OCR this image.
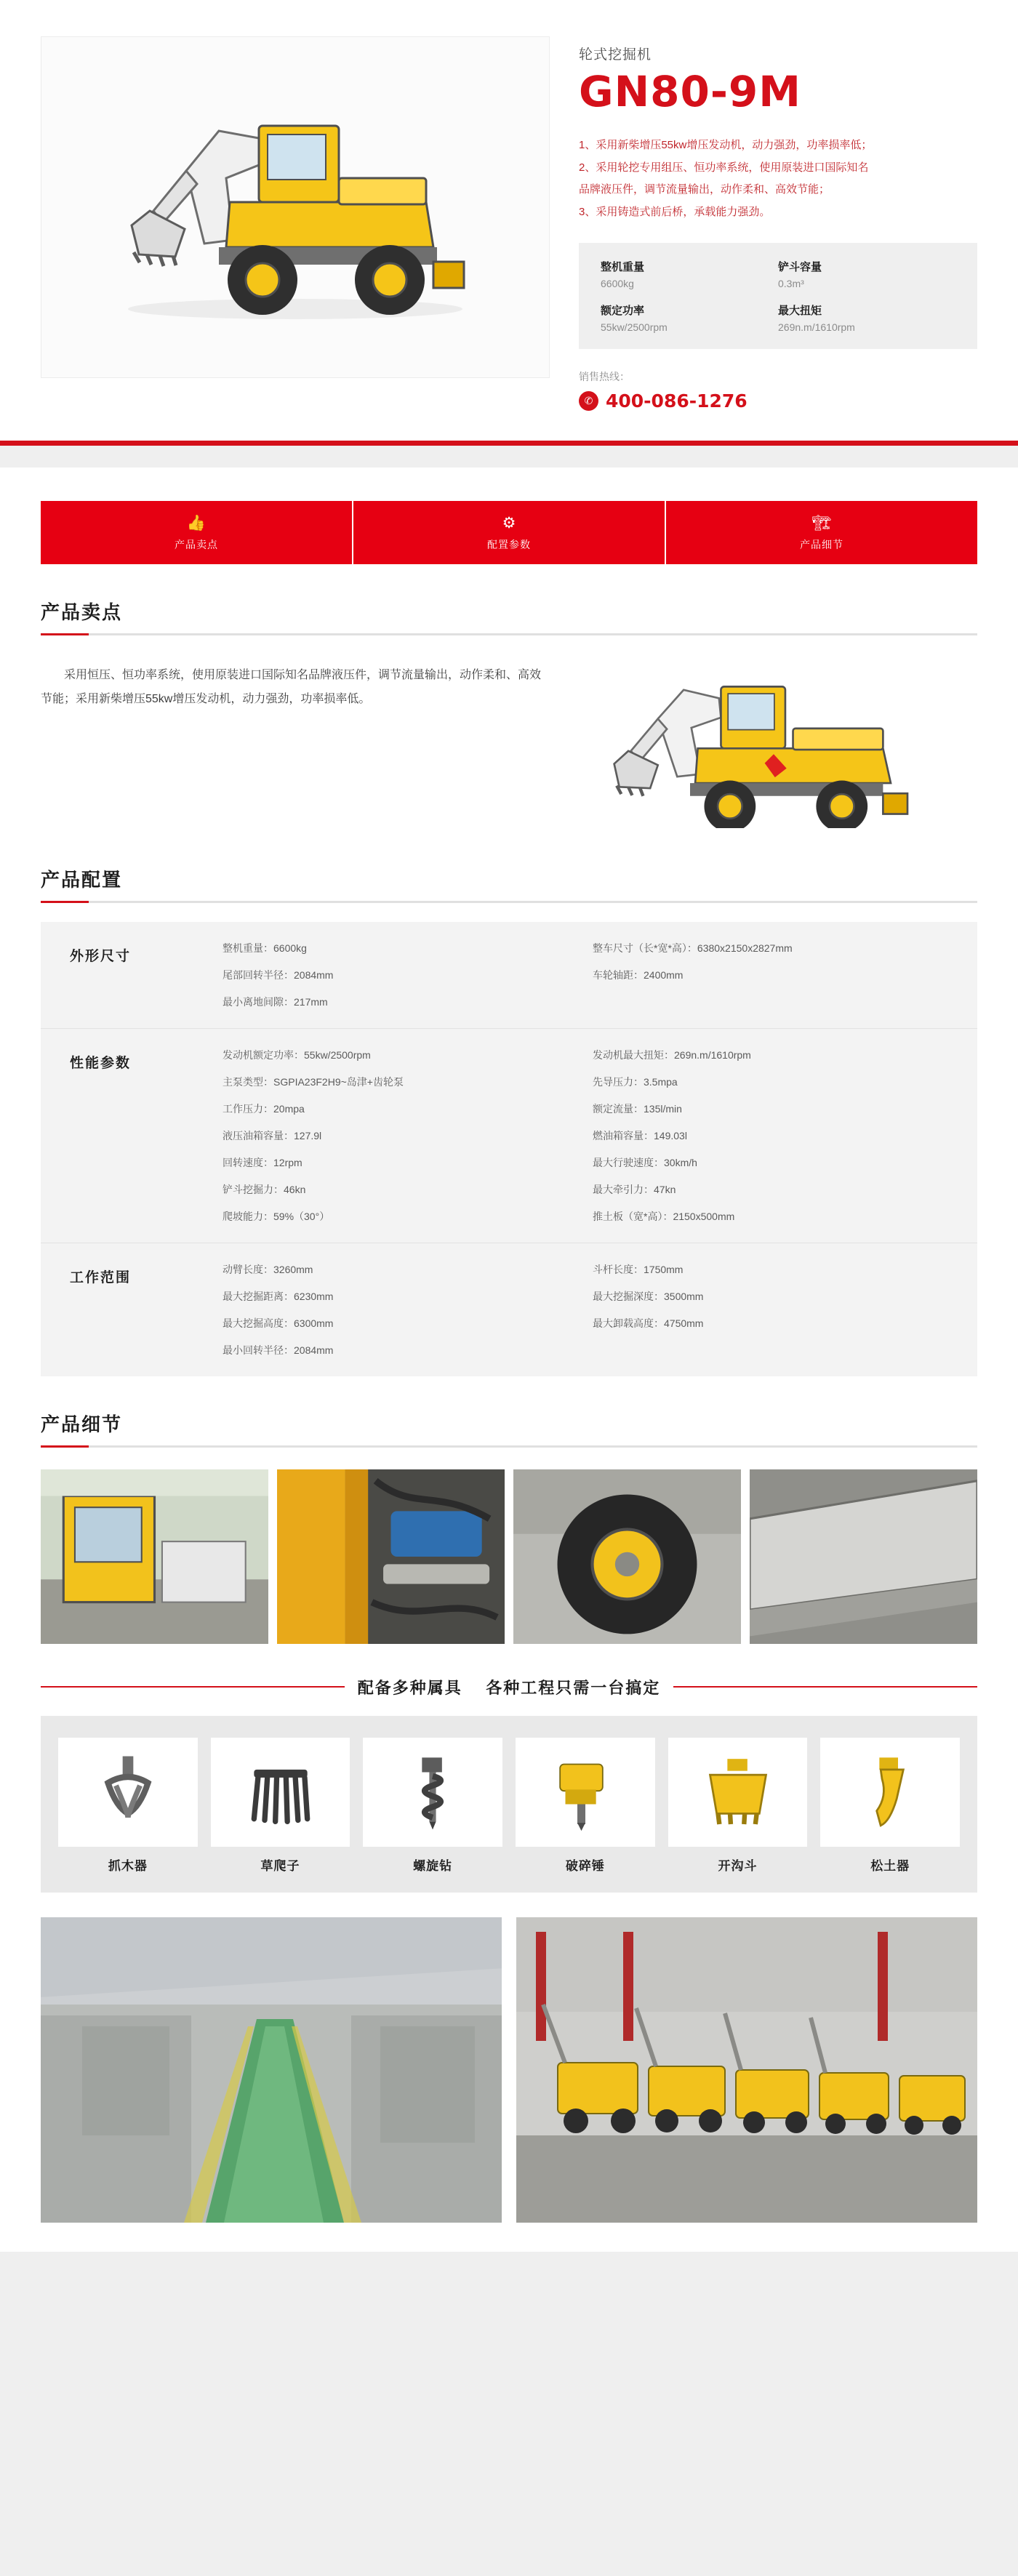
轮式挖掘机
GN80-9M
1、采用新柴增压55kw增压发动机，动力强劲，功率损率低；
2、采用轮挖专用组压、恒功率系统，使用原装进口国际知名
品牌液压件，调节流量输出，动作柔和、高效节能；
3、采用铸造式前后桥，承载能力强劲。
整机重量
6600kg
铲斗容量
0.3m³
额定功率
55kw/2500rpm
最大扭矩
269n.m/1610rpm
销售热线：
✆ 400-086-1276
👍
产品卖点
⚙
配置参数
🏗
产品细节
产品卖点
采用恒压、恒功率系统，使用原装进口国际知名品牌液压件，调节流量输出，动作柔和、高效节能；采用新柴增压55kw增压发动机，动力强劲，功率损率低。
产品配置
外形尺寸
整机重量：6600kg	整车尺寸（长*宽*高）：6380x2150x2827mm
尾部回转半径：2084mm	车轮轴距：2400mm
最小离地间隙：217mm
性能参数
发动机额定功率：55kw/2500rpm	发动机最大扭矩：269n.m/1610rpm
主泵类型：SGPIA23F2H9~岛津+齿轮泵	先导压力：3.5mpa
工作压力：20mpa	额定流量：135l/min
液压油箱容量：127.9l	燃油箱容量：149.03l
回转速度：12rpm	最大行驶速度：30km/h
铲斗挖掘力：46kn	最大牵引力：47kn
爬坡能力：59%（30°）	推土板（宽*高）：2150x500mm
工作范围
动臂长度：3260mm	斗杆长度：1750mm
最大挖掘距离：6230mm	最大挖掘深度：3500mm
最大挖掘高度：6300mm	最大卸载高度：4750mm
最小回转半径：2084mm
产品细节
配备多种属具 各种工程只需一台搞定
抓木器	草爬子	螺旋钻	破碎锤	开沟斗	松土器
